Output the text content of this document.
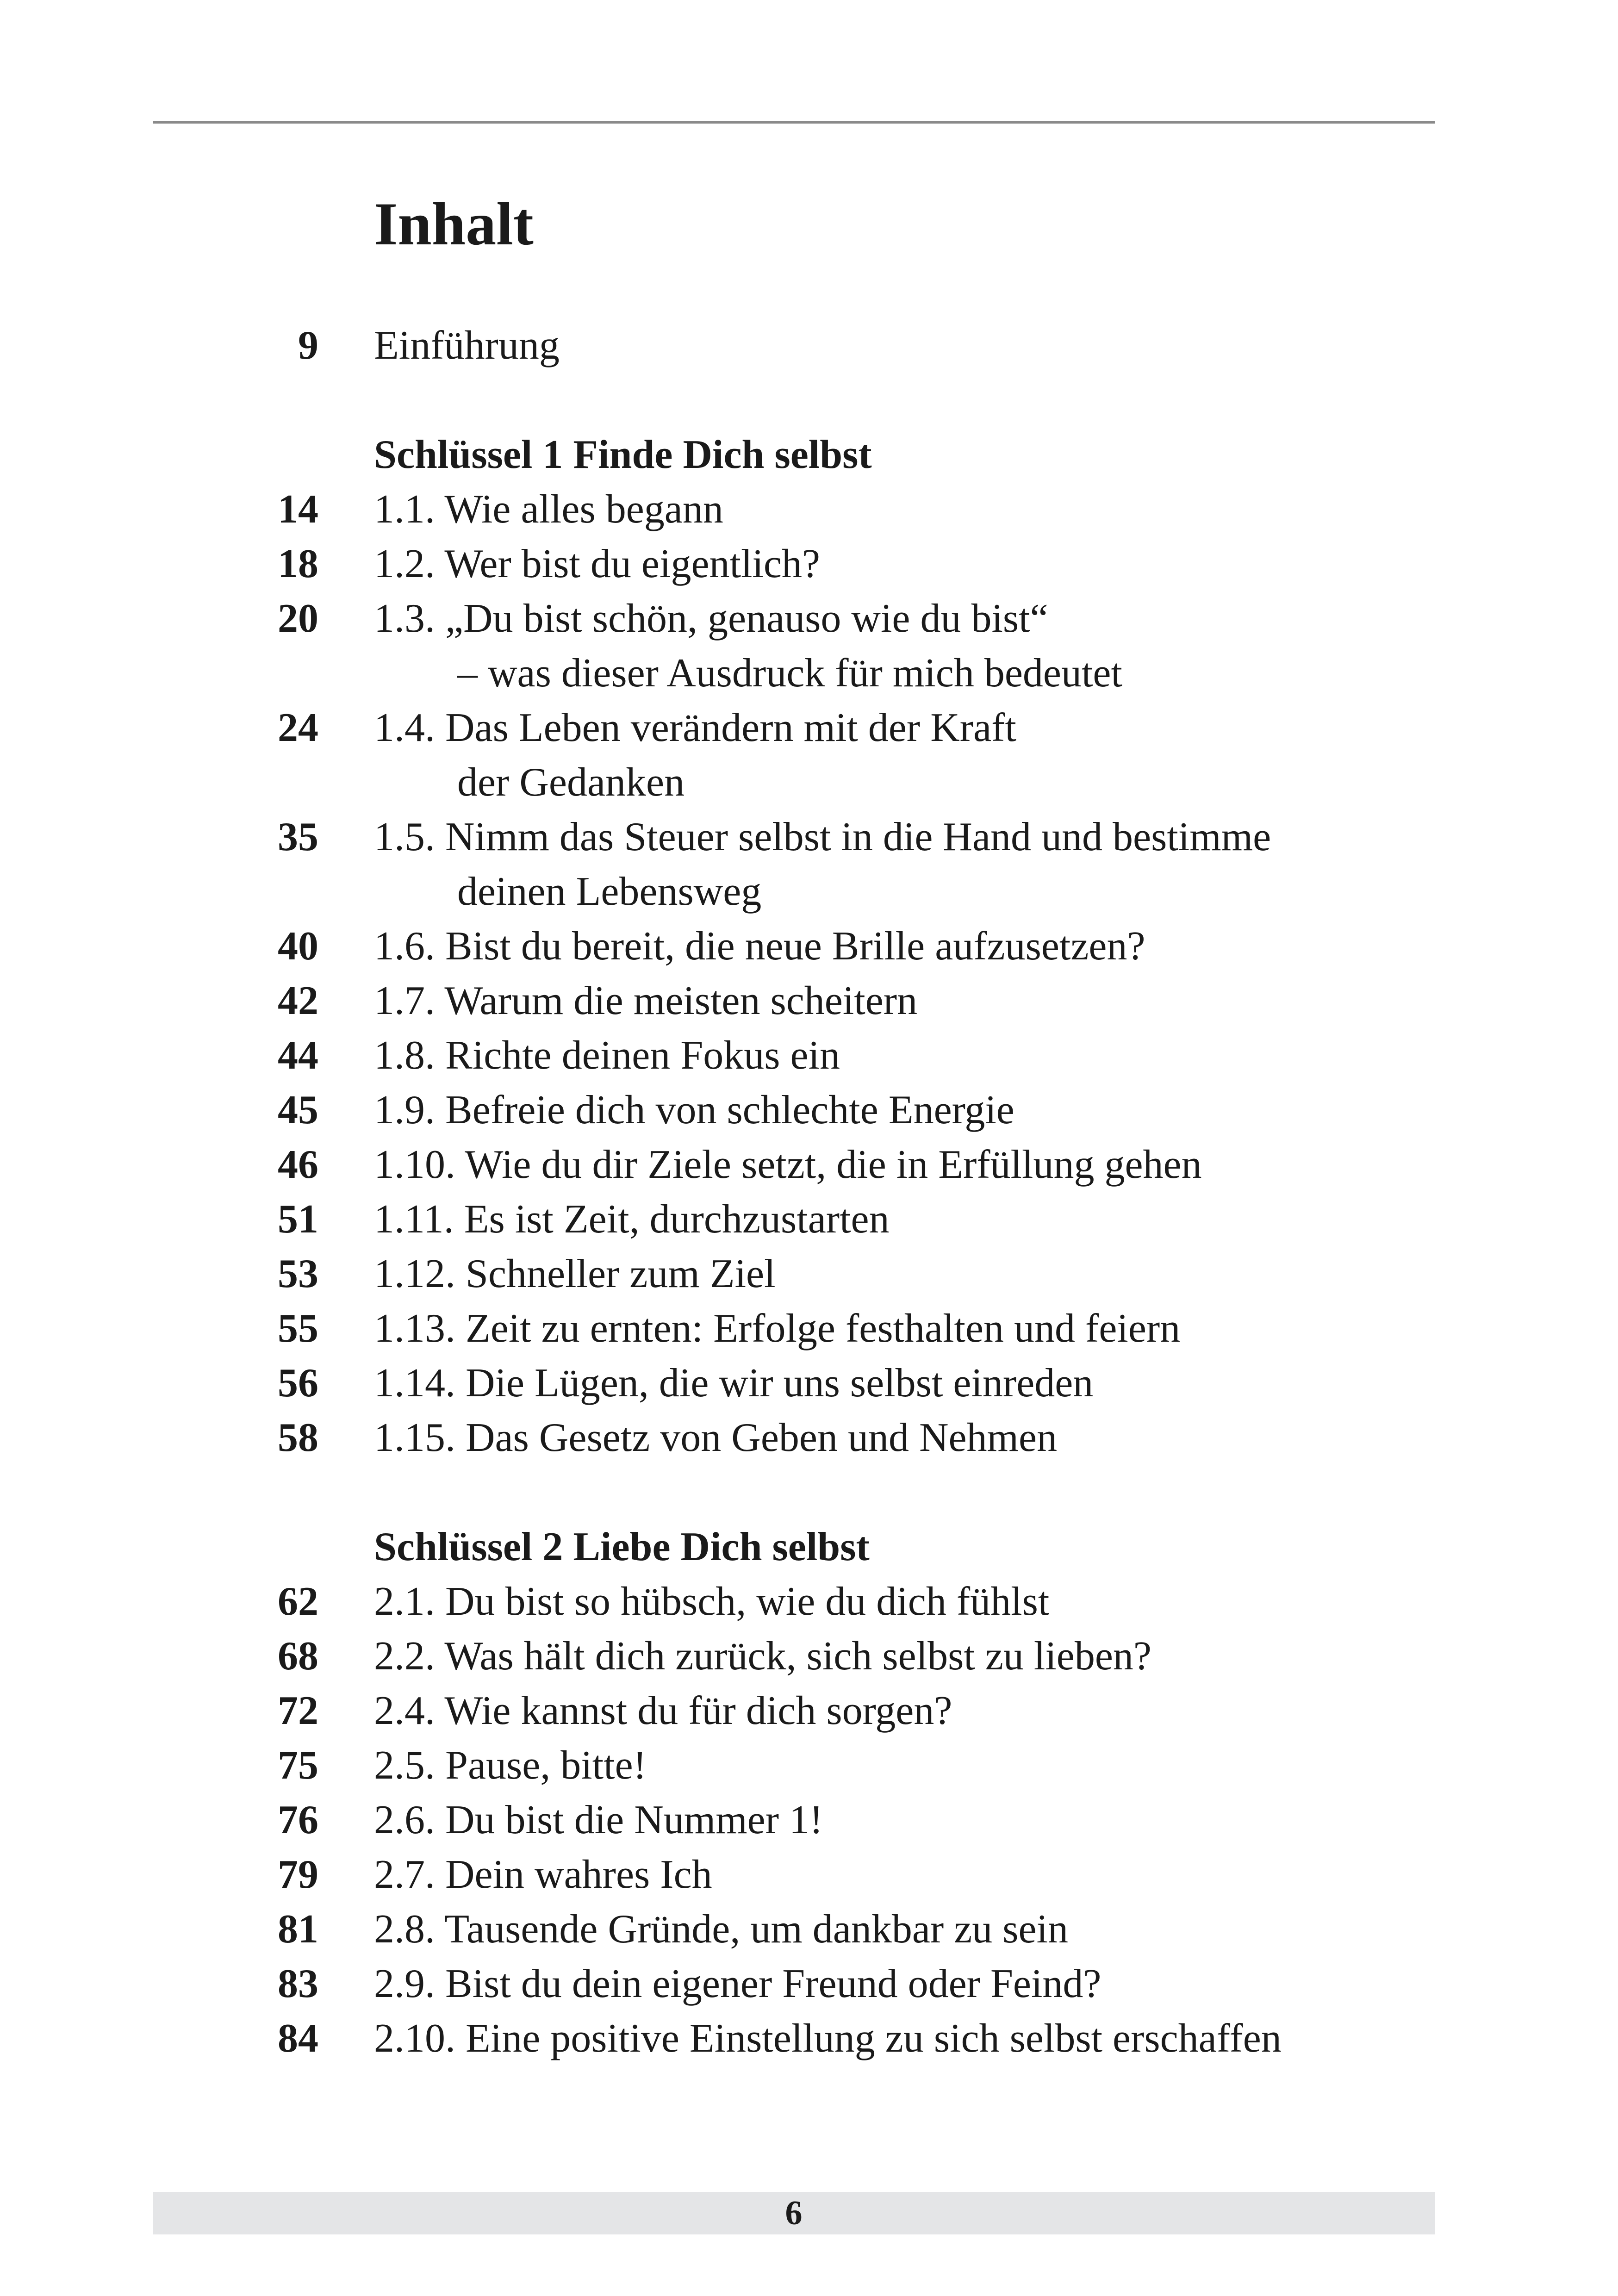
Inhalt
9 Einführung
Schlüssel 1 Finde Dich selbst
14 1.1. Wie alles begann
18 1.2. Wer bist du eigentlich?
20 1.3. „Du bist schön, genauso wie du bist“
– was dieser Ausdruck für mich bedeutet
24 1.4. Das Leben verändern mit der Kraft
der Gedanken
35 1.5. Nimm das Steuer selbst in die Hand und bestimme
deinen Lebensweg
40 1.6. Bist du bereit, die neue Brille aufzusetzen?
42 1.7. Warum die meisten scheitern
44 1.8. Richte deinen Fokus ein
45 1.9. Befreie dich von schlechte Energie
46 1.10. Wie du dir Ziele setzt, die in Erfüllung gehen
51 1.11. Es ist Zeit, durchzustarten
53 1.12. Schneller zum Ziel
55 1.13. Zeit zu ernten: Erfolge festhalten und feiern
56 1.14. Die Lügen, die wir uns selbst einreden
58 1.15. Das Gesetz von Geben und Nehmen
Schlüssel 2 Liebe Dich selbst
62 2.1. Du bist so hübsch, wie du dich fühlst
68 2.2. Was hält dich zurück, sich selbst zu lieben?
72 2.4. Wie kannst du für dich sorgen?
75 2.5. Pause, bitte!
76 2.6. Du bist die Nummer 1!
79 2.7. Dein wahres Ich
81 2.8. Tausende Gründe, um dankbar zu sein
83 2.9. Bist du dein eigener Freund oder Feind?
84 2.10. Eine positive Einstellung zu sich selbst erschaffen
6
